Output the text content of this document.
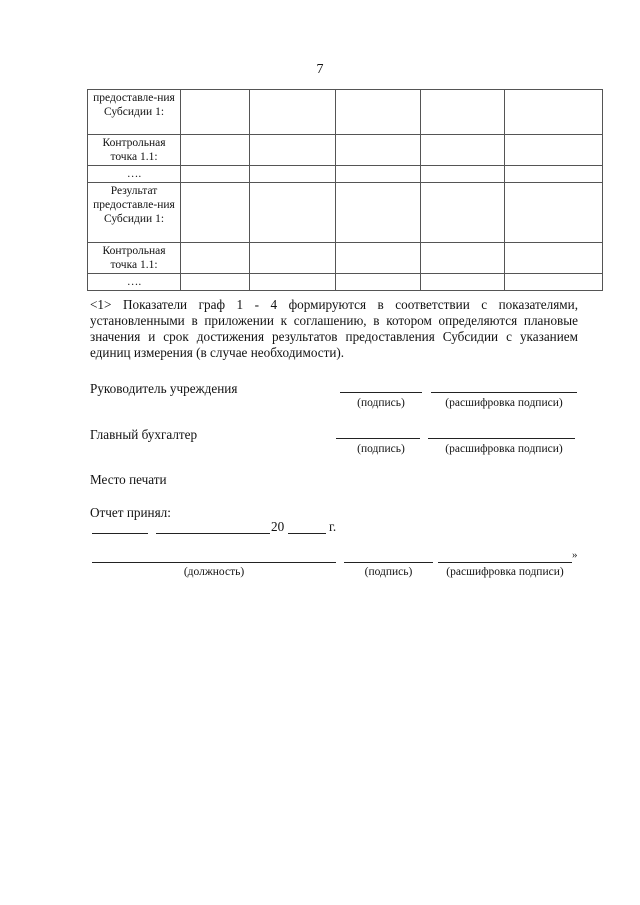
7
предоставле-ния Субсидии 1:					
Контрольная точка 1.1:					
….					
Результат предоставле-ния Субсидии 1:					
Контрольная точка 1.1:					
….					
<1> Показатели граф 1 - 4 формируются в соответствии с показателями, установленными в приложении к соглашению, в котором определяются плановые значения и срок достижения результатов предоставления Субсидии с указанием единиц измерения (в случае необходимости).
Руководитель учреждения
(подпись)	(расшифровка подписи)
Главный бухгалтер
(подпись)	(расшифровка подписи)
Место печати
Отчет принял:
20	г.
»
(должность)	(подпись)	(расшифровка подписи)
